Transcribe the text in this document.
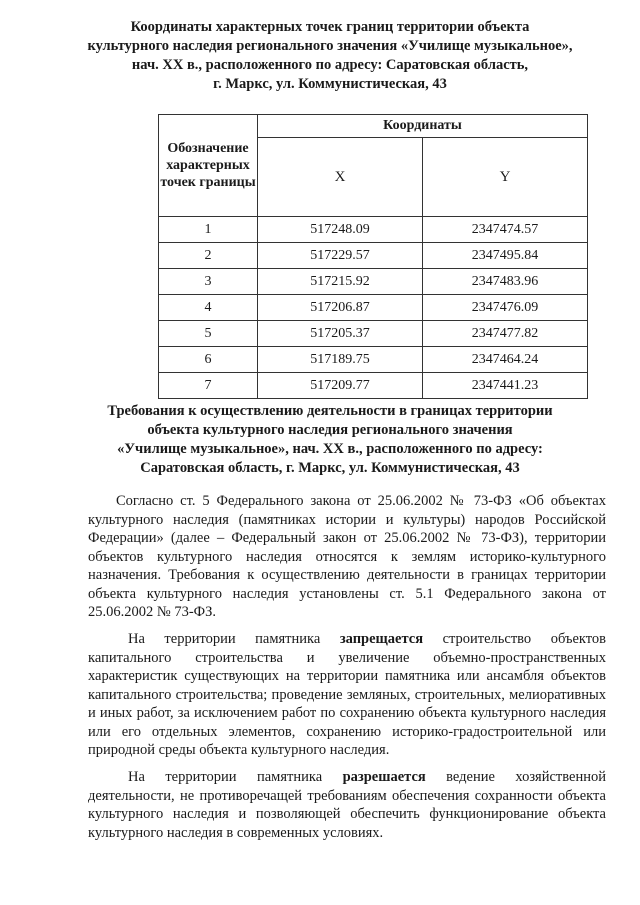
Координаты характерных точек границ территории объекта
культурного наследия регионального значения «Училище музыкальное»,
нач. XX в., расположенного по адресу: Саратовская область,
г. Маркс, ул. Коммунистическая, 43
Обозначение характерных точек границы	Координаты	
	X	Y
1	517248.09	2347474.57
2	517229.57	2347495.84
3	517215.92	2347483.96
4	517206.87	2347476.09
5	517205.37	2347477.82
6	517189.75	2347464.24
7	517209.77	2347441.23
Требования к осуществлению деятельности в границах территории
объекта культурного наследия регионального значения
«Училище музыкальное», нач. XX в., расположенного по адресу:
Саратовская область, г. Маркс, ул. Коммунистическая, 43

Согласно ст. 5 Федерального закона от 25.06.2002 № 73-ФЗ «Об объектах культурного наследия (памятниках истории и культуры) народов Российской Федерации» (далее – Федеральный закон от 25.06.2002 № 73-ФЗ), территории объектов культурного наследия относятся к землям историко-культурного назначения. Требования к осуществлению деятельности в границах территории объекта культурного наследия установлены ст. 5.1 Федерального закона от 25.06.2002 № 73-ФЗ.

На территории памятника запрещается строительство объектов капитального строительства и увеличение объемно-пространственных характеристик существующих на территории памятника или ансамбля объектов капитального строительства; проведение земляных, строительных, мелиоративных и иных работ, за исключением работ по сохранению объекта культурного наследия или его отдельных элементов, сохранению историко-градостроительной или природной среды объекта культурного наследия.

На территории памятника разрешается ведение хозяйственной деятельности, не противоречащей требованиям обеспечения сохранности объекта культурного наследия и позволяющей обеспечить функционирование объекта культурного наследия в современных условиях.
